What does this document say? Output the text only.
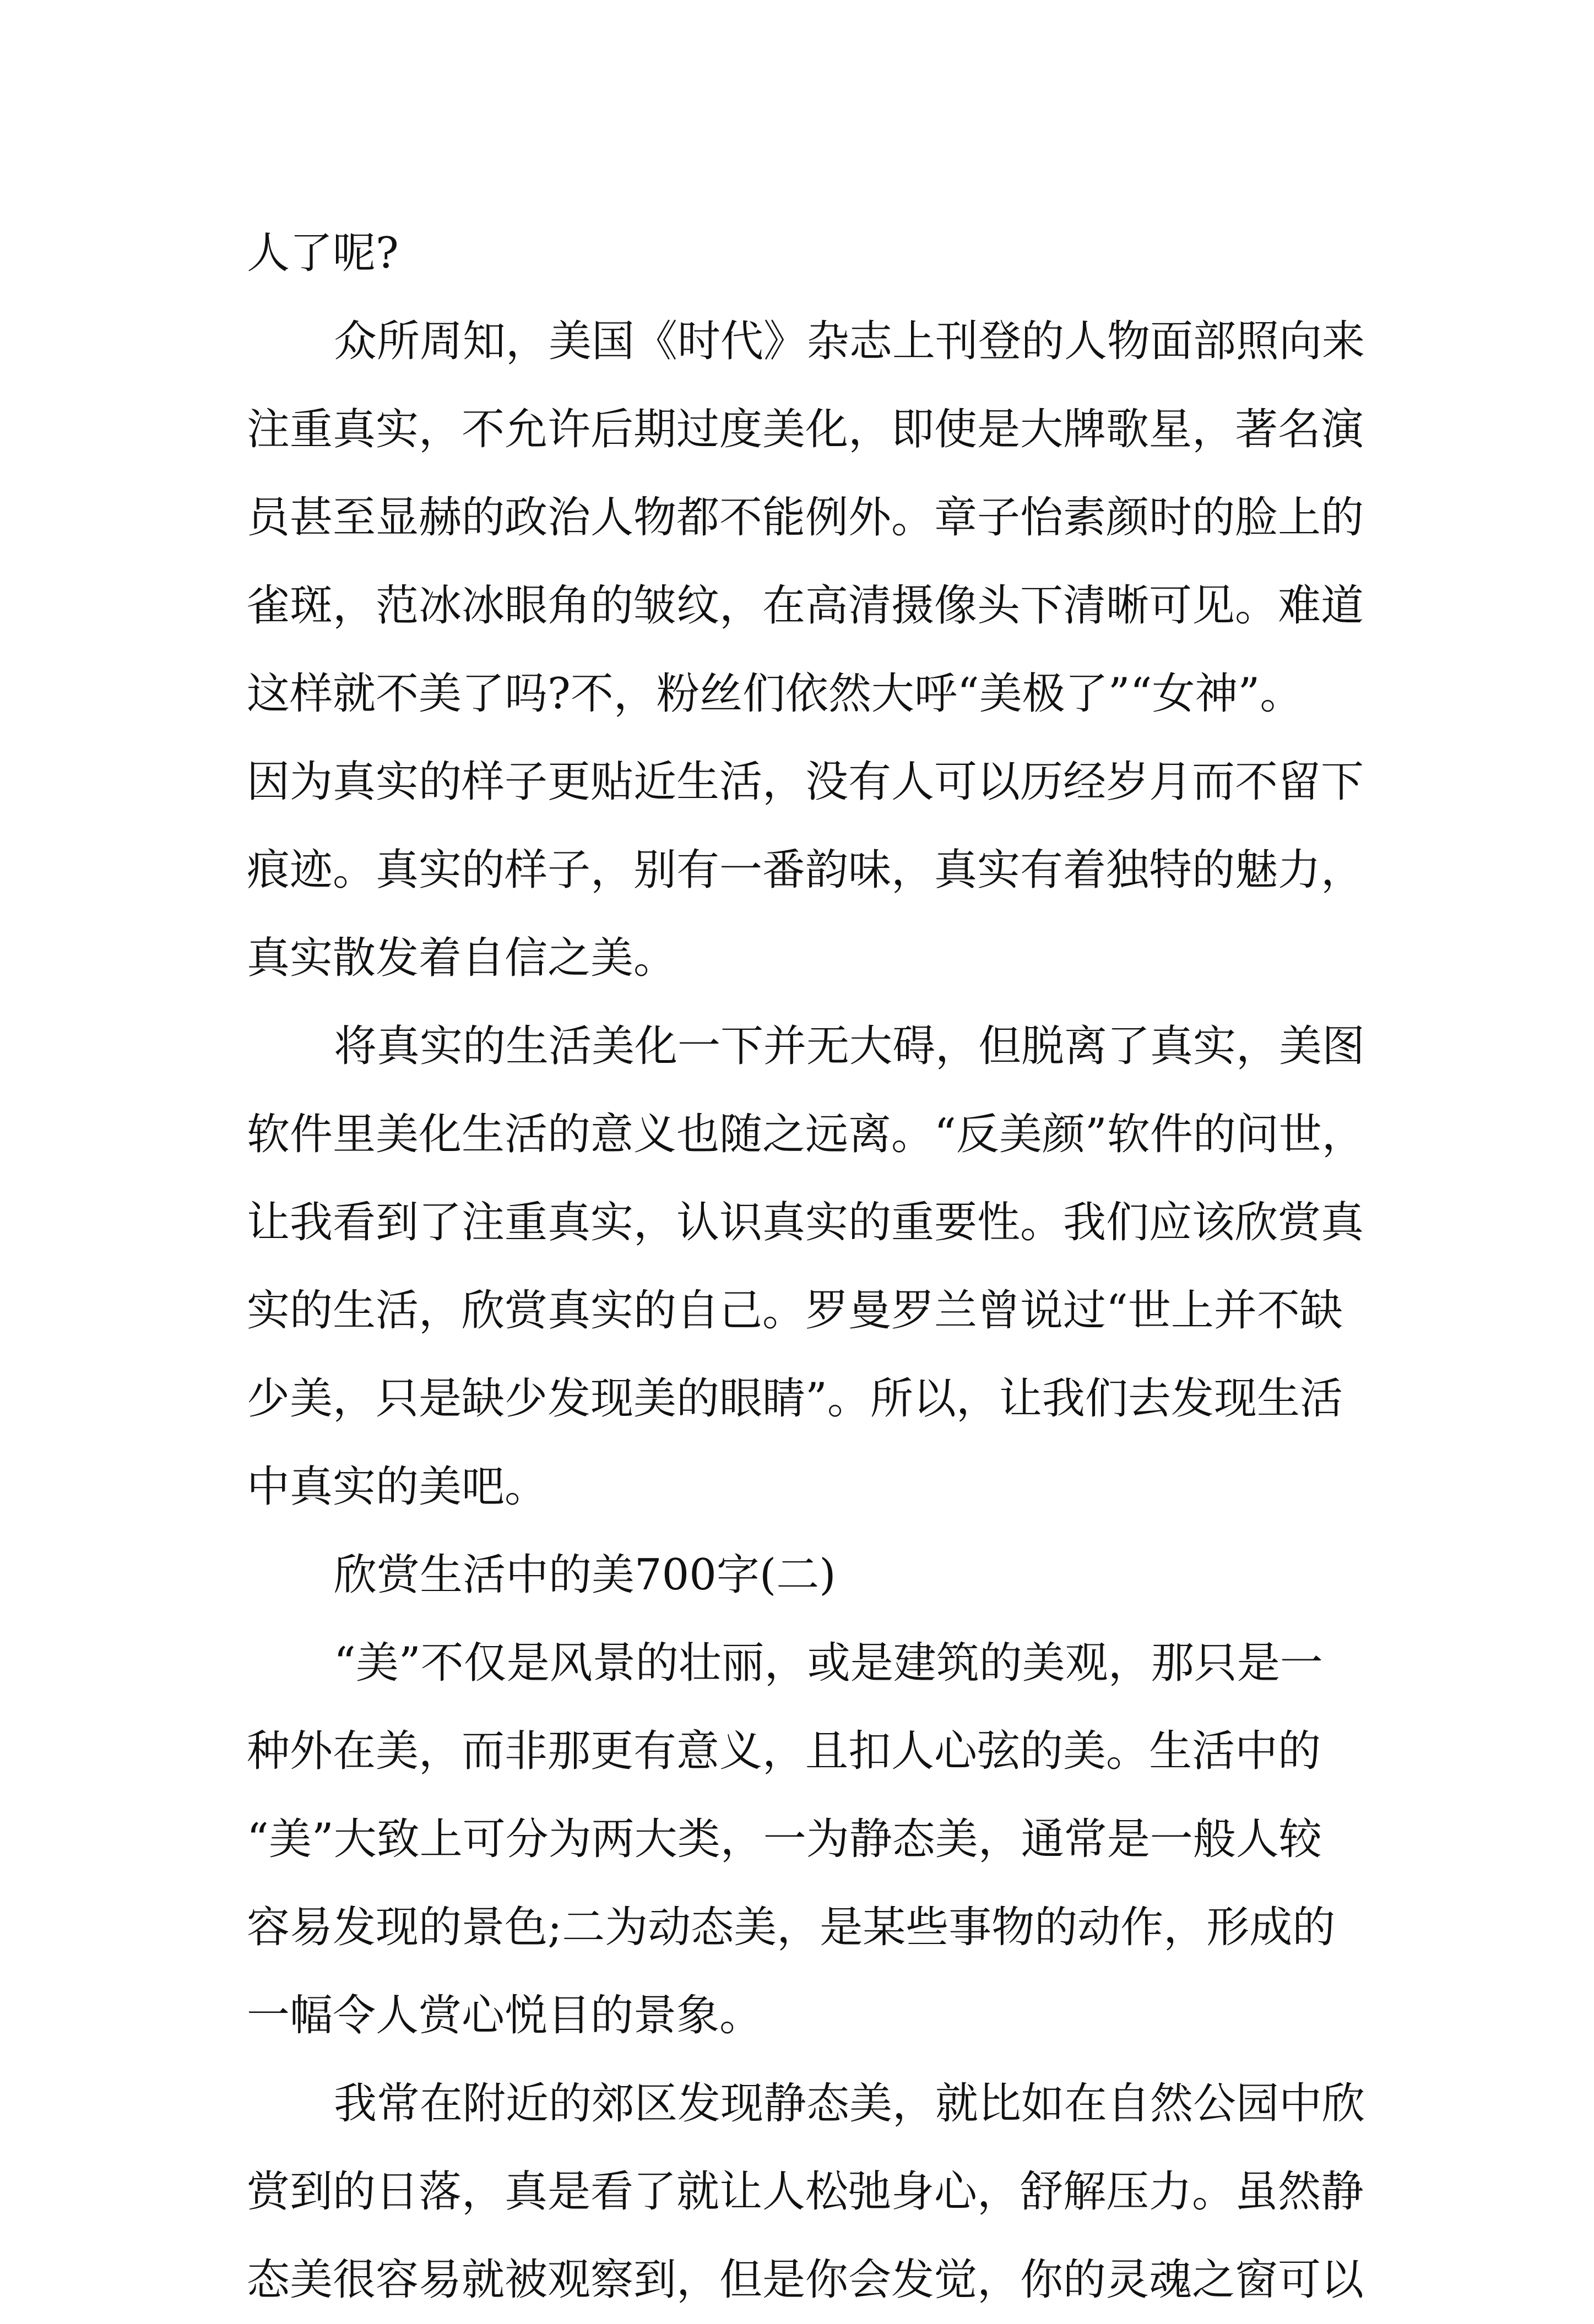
人了呢?
众所周知，美国《时代》杂志上刊登的人物面部照向来
注重真实，不允许后期过度美化，即使是大牌歌星，著名演
员甚至显赫的政治人物都不能例外。章子怡素颜时的脸上的
雀斑，范冰冰眼角的皱纹，在高清摄像头下清晰可见。难道
这样就不美了吗?不，粉丝们依然大呼“美极了”“女神”。
因为真实的样子更贴近生活，没有人可以历经岁月而不留下
痕迹。真实的样子，别有一番韵味，真实有着独特的魅力，
真实散发着自信之美。
将真实的生活美化一下并无大碍，但脱离了真实，美图
软件里美化生活的意义也随之远离。“反美颜”软件的问世，
让我看到了注重真实，认识真实的重要性。我们应该欣赏真
实的生活，欣赏真实的自己。罗曼罗兰曾说过“世上并不缺
少美，只是缺少发现美的眼睛”。所以，让我们去发现生活
中真实的美吧。
欣赏生活中的美700字(二)
“美”不仅是风景的壮丽，或是建筑的美观，那只是一
种外在美，而非那更有意义，且扣人心弦的美。生活中的
“美”大致上可分为两大类，一为静态美，通常是一般人较
容易发现的景色;二为动态美，是某些事物的动作，形成的
一幅令人赏心悦目的景象。
我常在附近的郊区发现静态美，就比如在自然公园中欣
赏到的日落，真是看了就让人松弛身心，舒解压力。虽然静
态美很容易就被观察到，但是你会发觉，你的灵魂之窗可以
